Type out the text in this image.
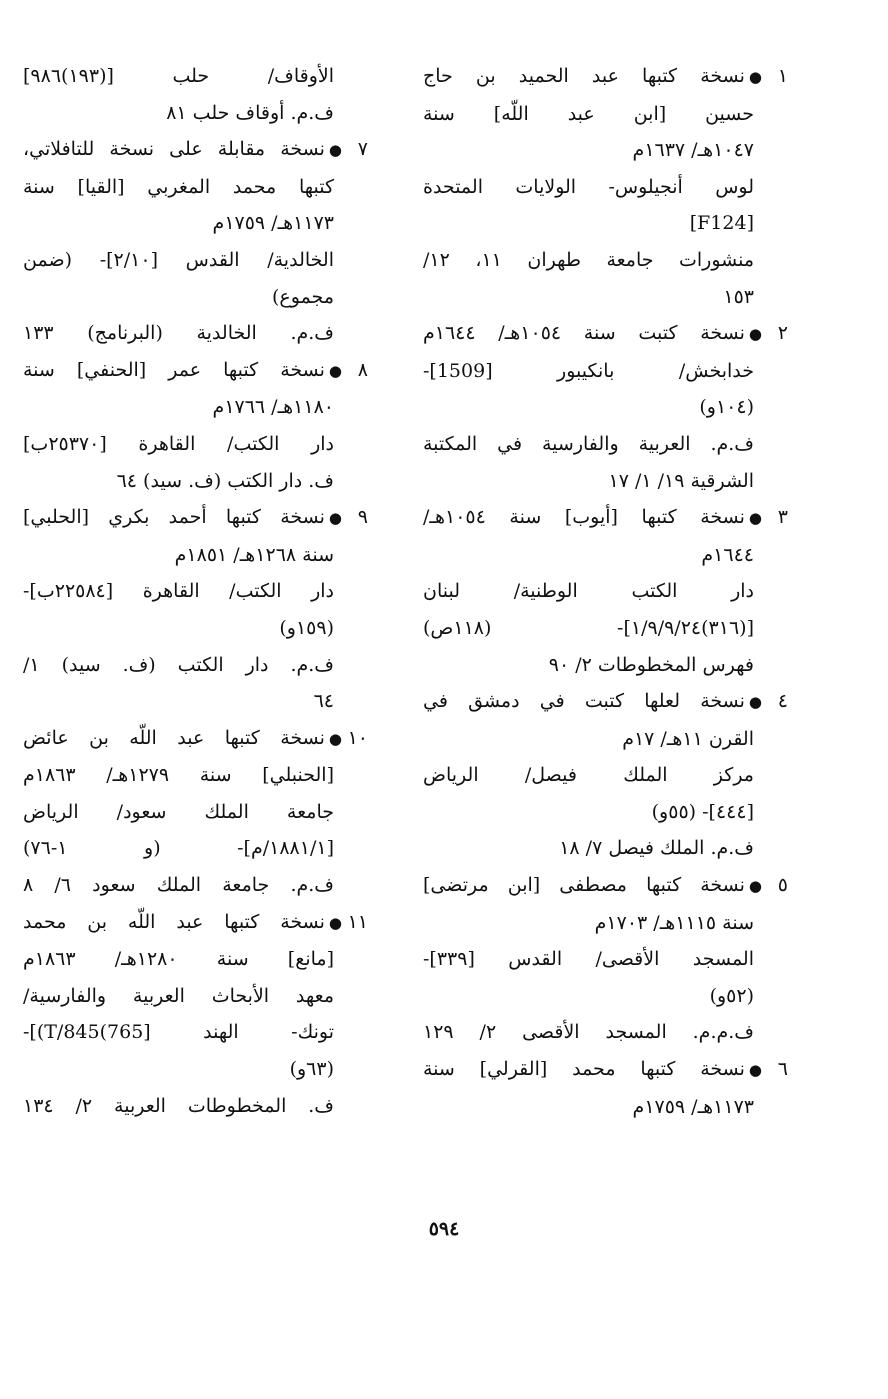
١●نسخة كتبها عبد الحميد بن حاج
حسين [ابن عبد اللّه] سنة
١٠٤٧هـ/ ١٦٣٧م
لوس أنجيلوس- الولايات المتحدة
[F124]
منشورات جامعة طهران ١١، ١٢/
١٥٣
٢●نسخة كتبت سنة ١٠٥٤هـ/ ١٦٤٤م
خدابخش/ بانكيبور [1509]-
(١٠٤و)
ف.م. العربية والفارسية في المكتبة
الشرقية ١٩/ ١/ ١٧
٣●نسخة كتبها [أيوب] سنة ١٠٥٤هـ/
١٦٤٤م
دار الكتب الوطنية/ لبنان
[(٣١٦)١/٩/٩/٢٤]- (١١٨ص)
فهرس المخطوطات ٢/ ٩٠
٤●نسخة لعلها كتبت في دمشق في
القرن ١١هـ/ ١٧م
مركز الملك فيصل/ الرياض
[٤٤٤]- (٥٥و)
ف.م. الملك فيصل ٧/ ١٨
٥●نسخة كتبها مصطفى [ابن مرتضى]
سنة ١١١٥هـ/ ١٧٠٣م
المسجد الأقصى/ القدس [٣٣٩]-
(٥٢و)
ف.م.م. المسجد الأقصى ٢/ ١٢٩
٦●نسخة كتبها محمد [القرلي] سنة
١١٧٣هـ/ ١٧٥٩م
الأوقاف/ حلب [(١٩٣)٩٨٦]
ف.م. أوقاف حلب ٨١
٧●نسخة مقابلة على نسخة للتافلاتي،
كتبها محمد المغربي [القيا] سنة
١١٧٣هـ/ ١٧٥٩م
الخالدية/ القدس [٢/١٠]- (ضمن
مجموع)
ف.م. الخالدية (البرنامج) ١٣٣
٨●نسخة كتبها عمر [الحنفي] سنة
١١٨٠هـ/ ١٧٦٦م
دار الكتب/ القاهرة [٢٥٣٧٠ب]
ف. دار الكتب (ف. سيد) ٦٤
٩●نسخة كتبها أحمد بكري [الحلبي]
سنة ١٢٦٨هـ/ ١٨٥١م
دار الكتب/ القاهرة [٢٢٥٨٤ب]-
(١٥٩و)
ف.م. دار الكتب (ف. سيد) ١/
٦٤
١٠●نسخة كتبها عبد اللّه بن عائض
[الحنبلي] سنة ١٢٧٩هـ/ ١٨٦٣م
جامعة الملك سعود/ الرياض
[١٨٨١/١/م]- (و ١-٧٦)
ف.م. جامعة الملك سعود ٦/ ٨
١١●نسخة كتبها عبد اللّه بن محمد
[مانع] سنة ١٢٨٠هـ/ ١٨٦٣م
معهد الأبحاث العربية والفارسية/
تونك- الهند [765)T/845)]-
(٦٣و)
ف. المخطوطات العربية ٢/ ١٣٤
٥٩٤
